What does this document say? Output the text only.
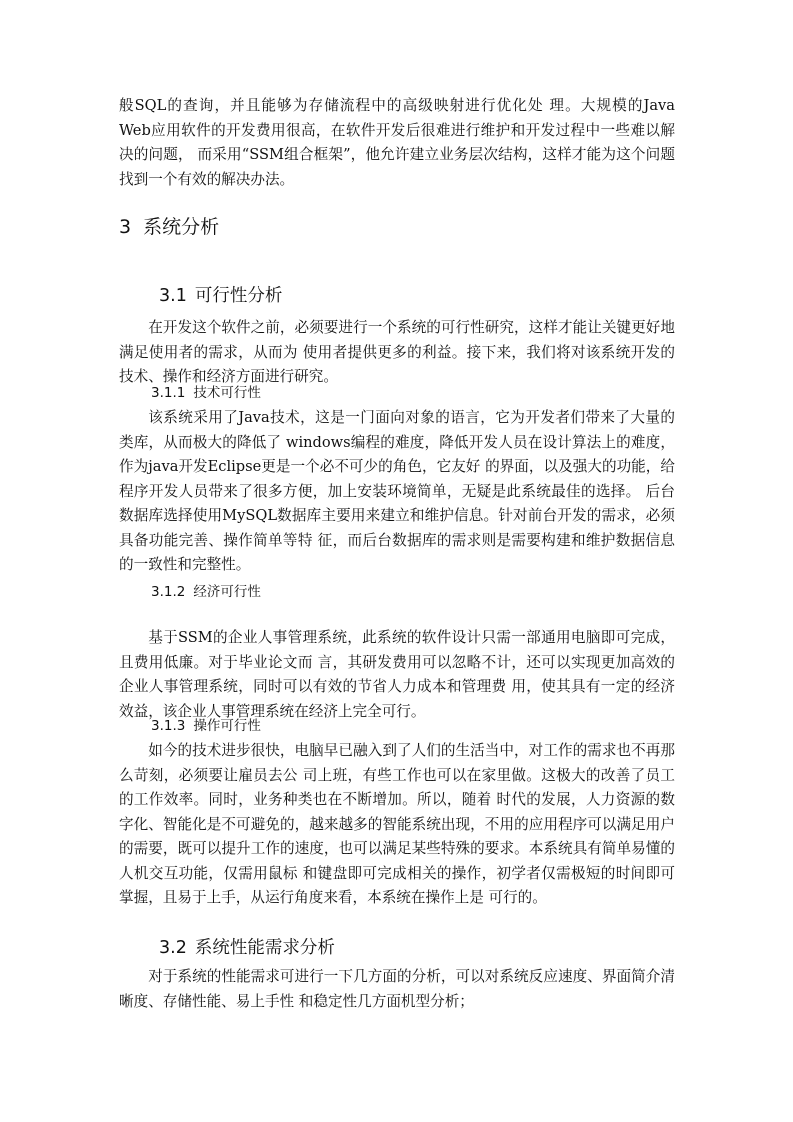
般SQL的查询，并且能够为存储流程中的高级映射进行优化处 理。大规模的Java Web应用软件的开发费用很高，在软件开发后很难进行维护和开发过程中一些难以解决的问题， 而采用“SSM组合框架”，他允许建立业务层次结构，这样才能为这个问题找到一个有效的解决办法。

3 系统分析
3.1 可行性分析

在开发这个软件之前，必须要进行一个系统的可行性研究，这样才能让关键更好地满足使用者的需求，从而为 使用者提供更多的利益。接下来，我们将对该系统开发的技术、操作和经济方面进行研究。

3.1.1 技术可行性

该系统采用了Java技术，这是一门面向对象的语言，它为开发者们带来了大量的类库，从而极大的降低了 windows编程的难度，降低开发人员在设计算法上的难度，作为java开发Eclipse更是一个必不可少的角色，它友好 的界面，以及强大的功能，给程序开发人员带来了很多方便，加上安装环境简单，无疑是此系统最佳的选择。 后台 数据库选择使用MySQL数据库主要用来建立和维护信息。针对前台开发的需求，必须具备功能完善、操作简单等特 征，而后台数据库的需求则是需要构建和维护数据信息的一致性和完整性。

3.1.2 经济可行性

基于SSM的企业人事管理系统，此系统的软件设计只需一部通用电脑即可完成，且费用低廉。对于毕业论文而 言，其研发费用可以忽略不计，还可以实现更加高效的企业人事管理系统，同时可以有效的节省人力成本和管理费 用，使其具有一定的经济效益，该企业人事管理系统在经济上完全可行。

3.1.3 操作可行性

如今的技术进步很快，电脑早已融入到了人们的生活当中，对工作的需求也不再那么苛刻，必须要让雇员去公 司上班，有些工作也可以在家里做。这极大的改善了员工的工作效率。同时，业务种类也在不断增加。所以，随着 时代的发展，人力资源的数字化、智能化是不可避免的，越来越多的智能系统出现，不用的应用程序可以满足用户 的需要，既可以提升工作的速度，也可以满足某些特殊的要求。本系统具有简单易懂的人机交互功能，仅需用鼠标 和键盘即可完成相关的操作，初学者仅需极短的时间即可掌握，且易于上手，从运行角度来看，本系统在操作上是 可行的。

3.2 系统性能需求分析

对于系统的性能需求可进行一下几方面的分析，可以对系统反应速度、界面简介清晰度、存储性能、易上手性 和稳定性几方面机型分析；
